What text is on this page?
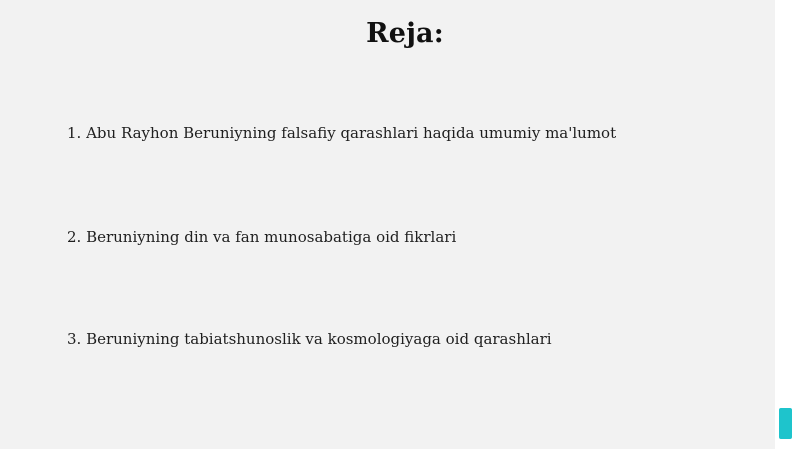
Reja:

1. Abu Rayhon Beruniyning falsafiy qarashlari haqida umumiy ma'lumot

2. Beruniyning din va fan munosabatiga oid fikrlari

3. Beruniyning tabiatshunoslik va kosmologiyaga oid qarashlari
